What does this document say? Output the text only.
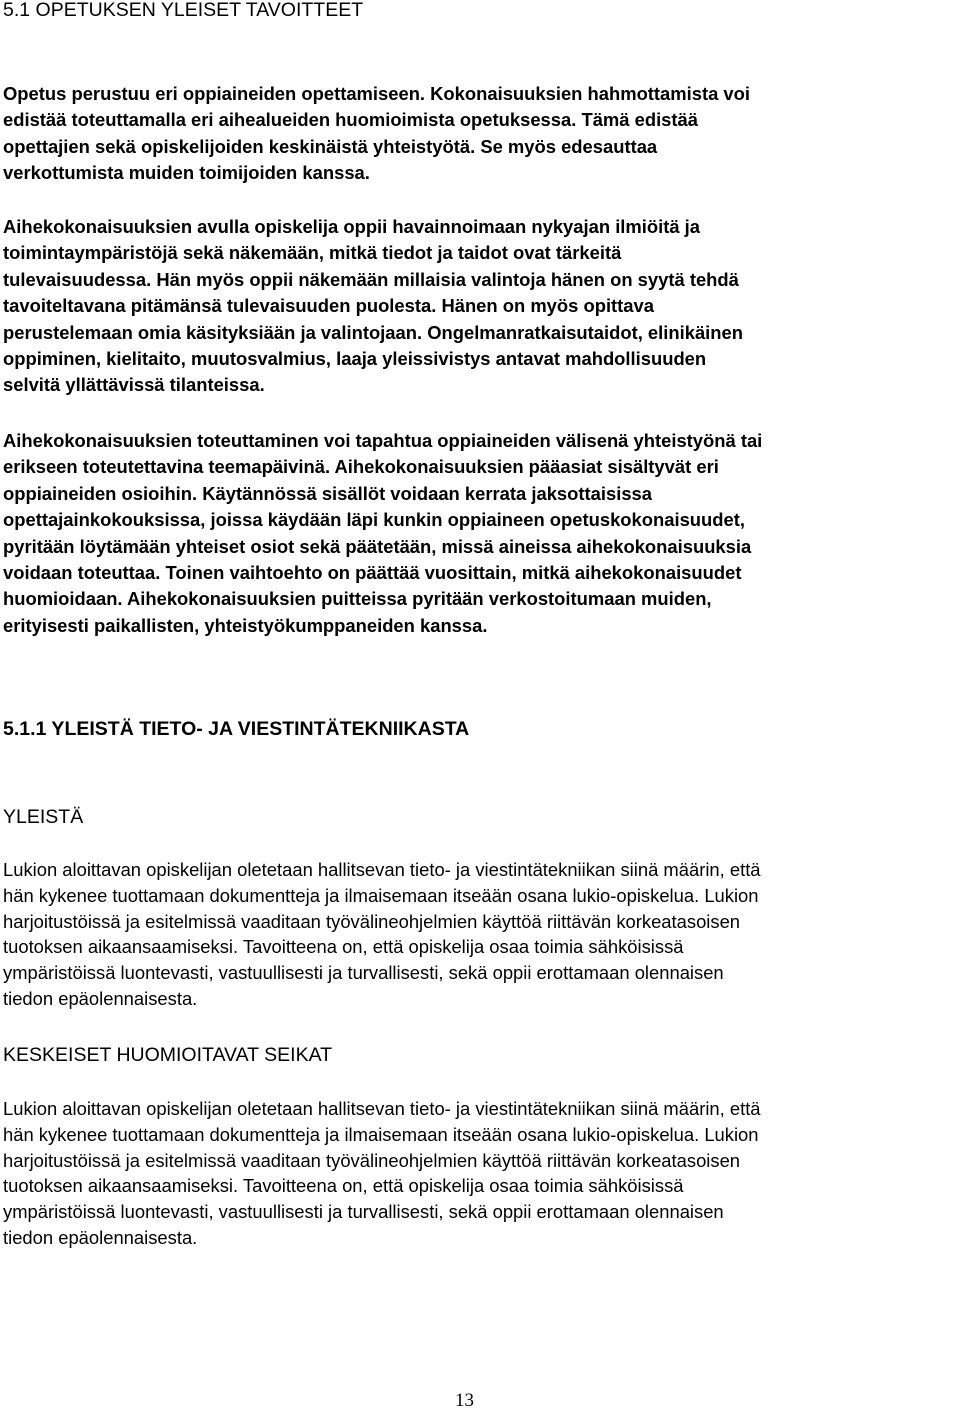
5.1 OPETUKSEN YLEISET TAVOITTEET
Opetus perustuu eri oppiaineiden opettamiseen. Kokonaisuuksien hahmottamista voi
edistää toteuttamalla eri aihealueiden huomioimista opetuksessa. Tämä edistää
opettajien sekä opiskelijoiden keskinäistä yhteistyötä. Se myös edesauttaa
verkottumista muiden toimijoiden kanssa.
Aihekokonaisuuksien avulla opiskelija oppii havainnoimaan nykyajan ilmiöitä ja
toimintaympäristöjä sekä näkemään, mitkä tiedot ja taidot ovat tärkeitä
tulevaisuudessa. Hän myös oppii näkemään millaisia valintoja hänen on syytä tehdä
tavoiteltavana pitämänsä tulevaisuuden puolesta. Hänen on myös opittava
perustelemaan omia käsityksiään ja valintojaan. Ongelmanratkaisutaidot, elinikäinen
oppiminen, kielitaito, muutosvalmius, laaja yleissivistys antavat mahdollisuuden
selvitä yllättävissä tilanteissa.
Aihekokonaisuuksien toteuttaminen voi tapahtua oppiaineiden välisenä yhteistyönä tai
erikseen toteutettavina teemapäivinä. Aihekokonaisuuksien pääasiat sisältyvät eri
oppiaineiden osioihin. Käytännössä sisällöt voidaan kerrata jaksottaisissa
opettajainkokouksissa, joissa käydään läpi kunkin oppiaineen opetuskokonaisuudet,
pyritään löytämään yhteiset osiot sekä päätetään, missä aineissa aihekokonaisuuksia
voidaan toteuttaa. Toinen vaihtoehto on päättää vuosittain, mitkä aihekokonaisuudet
huomioidaan. Aihekokonaisuuksien puitteissa pyritään verkostoitumaan muiden,
erityisesti paikallisten, yhteistyökumppaneiden kanssa.
5.1.1 YLEISTÄ TIETO- JA VIESTINTÄTEKNIIKASTA
YLEISTÄ
Lukion aloittavan opiskelijan oletetaan hallitsevan tieto- ja viestintätekniikan siinä määrin, että
hän kykenee tuottamaan dokumentteja ja ilmaisemaan itseään osana lukio-opiskelua. Lukion
harjoitustöissä ja esitelmissä vaaditaan työvälineohjelmien käyttöä riittävän korkeatasoisen
tuotoksen aikaansaamiseksi. Tavoitteena on, että opiskelija osaa toimia sähköisissä
ympäristöissä luontevasti, vastuullisesti ja turvallisesti, sekä oppii erottamaan olennaisen
tiedon epäolennaisesta.
KESKEISET HUOMIOITAVAT SEIKAT
Lukion aloittavan opiskelijan oletetaan hallitsevan tieto- ja viestintätekniikan siinä määrin, että
hän kykenee tuottamaan dokumentteja ja ilmaisemaan itseään osana lukio-opiskelua. Lukion
harjoitustöissä ja esitelmissä vaaditaan työvälineohjelmien käyttöä riittävän korkeatasoisen
tuotoksen aikaansaamiseksi. Tavoitteena on, että opiskelija osaa toimia sähköisissä
ympäristöissä luontevasti, vastuullisesti ja turvallisesti, sekä oppii erottamaan olennaisen
tiedon epäolennaisesta.
13
